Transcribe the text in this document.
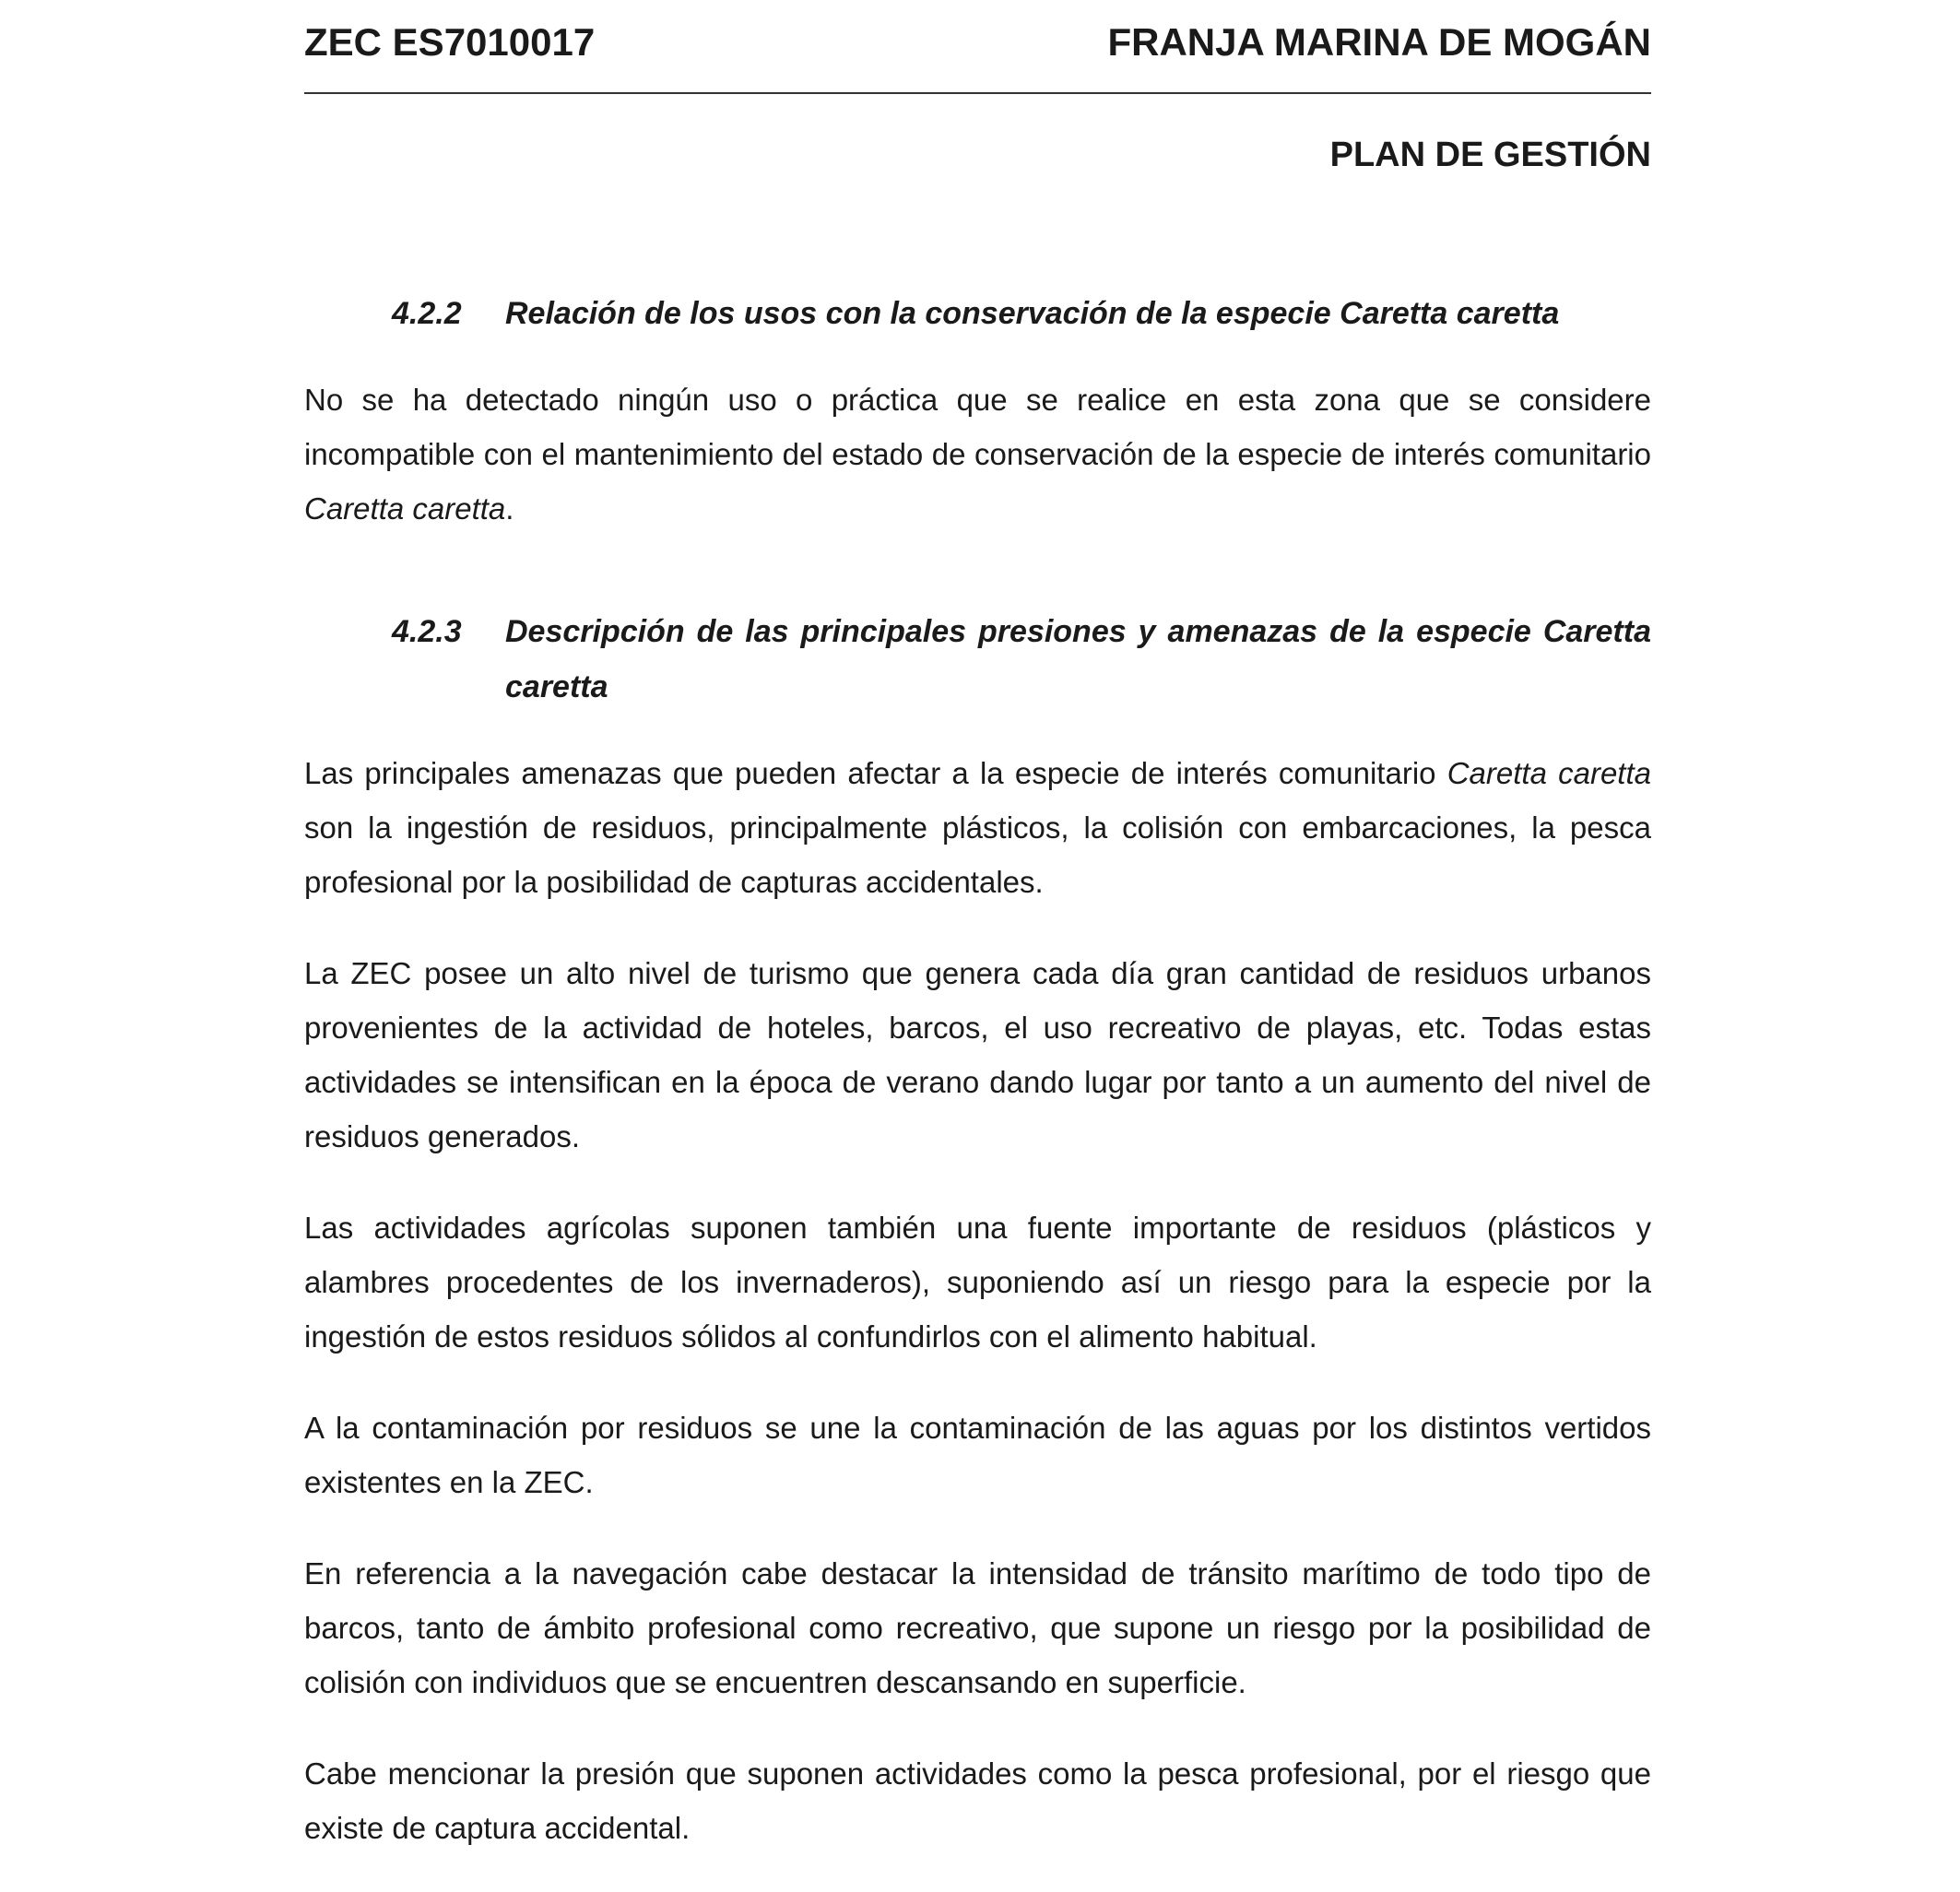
ZEC ES7010017	FRANJA MARINA DE MOGÁN
PLAN DE GESTIÓN
4.2.2	Relación de los usos con la conservación de la especie Caretta caretta

No se ha detectado ningún uso o práctica que se realice en esta zona que se considere incompatible con el mantenimiento del estado de conservación de la especie de interés comunitario Caretta caretta.

4.2.3	Descripción de las principales presiones y amenazas de la especie Caretta caretta

Las principales amenazas que pueden afectar a la especie de interés comunitario Caretta caretta son la ingestión de residuos, principalmente plásticos, la colisión con embarcaciones, la pesca profesional por la posibilidad de capturas accidentales.

La ZEC posee un alto nivel de turismo que genera cada día gran cantidad de residuos urbanos provenientes de la actividad de hoteles, barcos, el uso recreativo de playas, etc. Todas estas actividades se intensifican en la época de verano dando lugar por tanto a un aumento del nivel de residuos generados.

Las actividades agrícolas suponen también una fuente importante de residuos (plásticos y alambres procedentes de los invernaderos), suponiendo así un riesgo para la especie por la ingestión de estos residuos sólidos al confundirlos con el alimento habitual.

A la contaminación por residuos se une la contaminación de las aguas por los distintos vertidos existentes en la ZEC.

En referencia a la navegación cabe destacar la intensidad de tránsito marítimo de todo tipo de barcos, tanto de ámbito profesional como recreativo, que supone un riesgo por la posibilidad de colisión con individuos que se encuentren descansando en superficie.

Cabe mencionar la presión que suponen actividades como la pesca profesional, por el riesgo que existe de captura accidental.
